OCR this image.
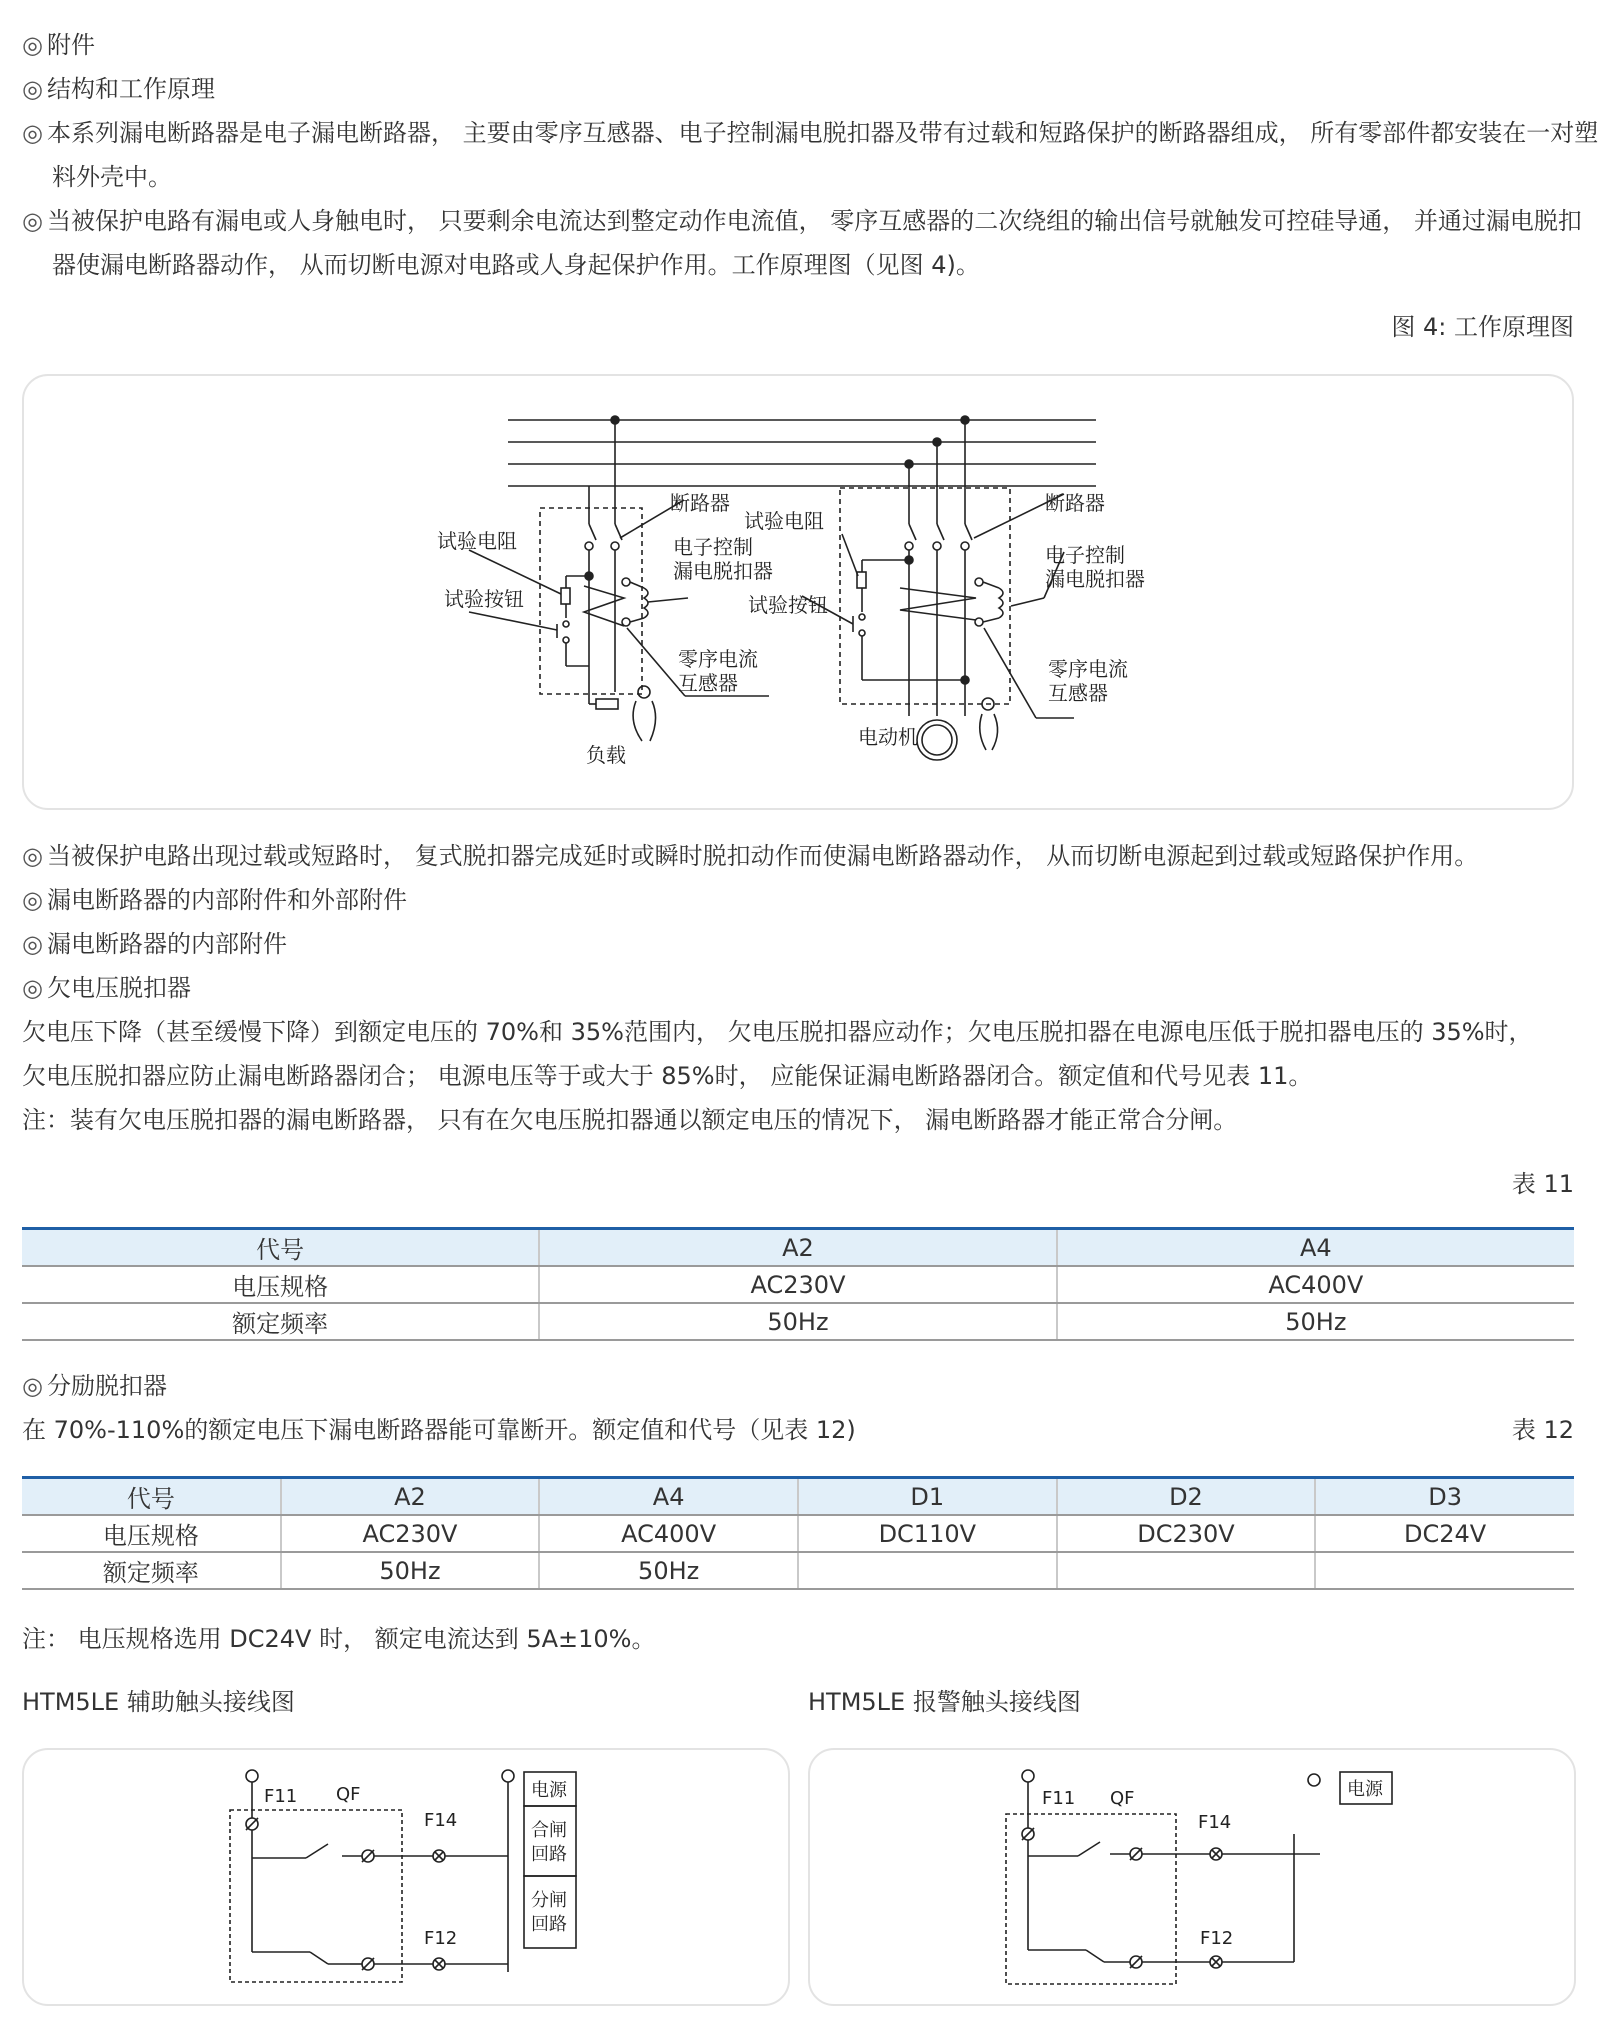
◎ 附件
◎ 结构和工作原理
◎ 本系列漏电断路器是电子漏电断路器， 主要由零序互感器、电子控制漏电脱扣器及带有过载和短路保护的断路器组成， 所有零部件都安装在一对塑料外壳中。
◎ 当被保护电路有漏电或人身触电时， 只要剩余电流达到整定动作电流值， 零序互感器的二次绕组的输出信号就触发可控硅导通， 并通过漏电脱扣器使漏电断路器动作， 从而切断电源对电路或人身起保护作用。工作原理图（见图 4)。
图 4: 工作原理图
断路器
试验电阻	电子控制
漏电脱扣器
试验按钮
零序电流
互感器
负载
断路器
试验电阻
电子控制
漏电脱扣器
试验按钮
零序电流
互感器
电动机
◎ 当被保护电路出现过载或短路时， 复式脱扣器完成延时或瞬时脱扣动作而使漏电断路器动作， 从而切断电源起到过载或短路保护作用。
◎ 漏电断路器的内部附件和外部附件
◎ 漏电断路器的内部附件
◎ 欠电压脱扣器
欠电压下降（甚至缓慢下降）到额定电压的 70%和 35%范围内， 欠电压脱扣器应动作；欠电压脱扣器在电源电压低于脱扣器电压的 35%时，
欠电压脱扣器应防止漏电断路器闭合； 电源电压等于或大于 85%时， 应能保证漏电断路器闭合。额定值和代号见表 11。
注：装有欠电压脱扣器的漏电断路器， 只有在欠电压脱扣器通以额定电压的情况下， 漏电断路器才能正常合分闸。
表 11
代号	A2	A4
电压规格	AC230V	AC400V
额定频率	50Hz	50Hz
◎ 分励脱扣器
在 70%-110%的额定电压下漏电断路器能可靠断开。额定值和代号（见表 12)	表 12
代号	A2	A4	D1	D2	D3
电压规格	AC230V	AC400V	DC110V	DC230V	DC24V
额定频率	50Hz	50Hz			
注： 电压规格选用 DC24V 时， 额定电流达到 5A±10%。
HTM5LE 辅助触头接线图	HTM5LE 报警触头接线图
F11 QF
F14
F12
电源
合闸
回路
分闸
回路
F11 QF
F14
F12
电源
